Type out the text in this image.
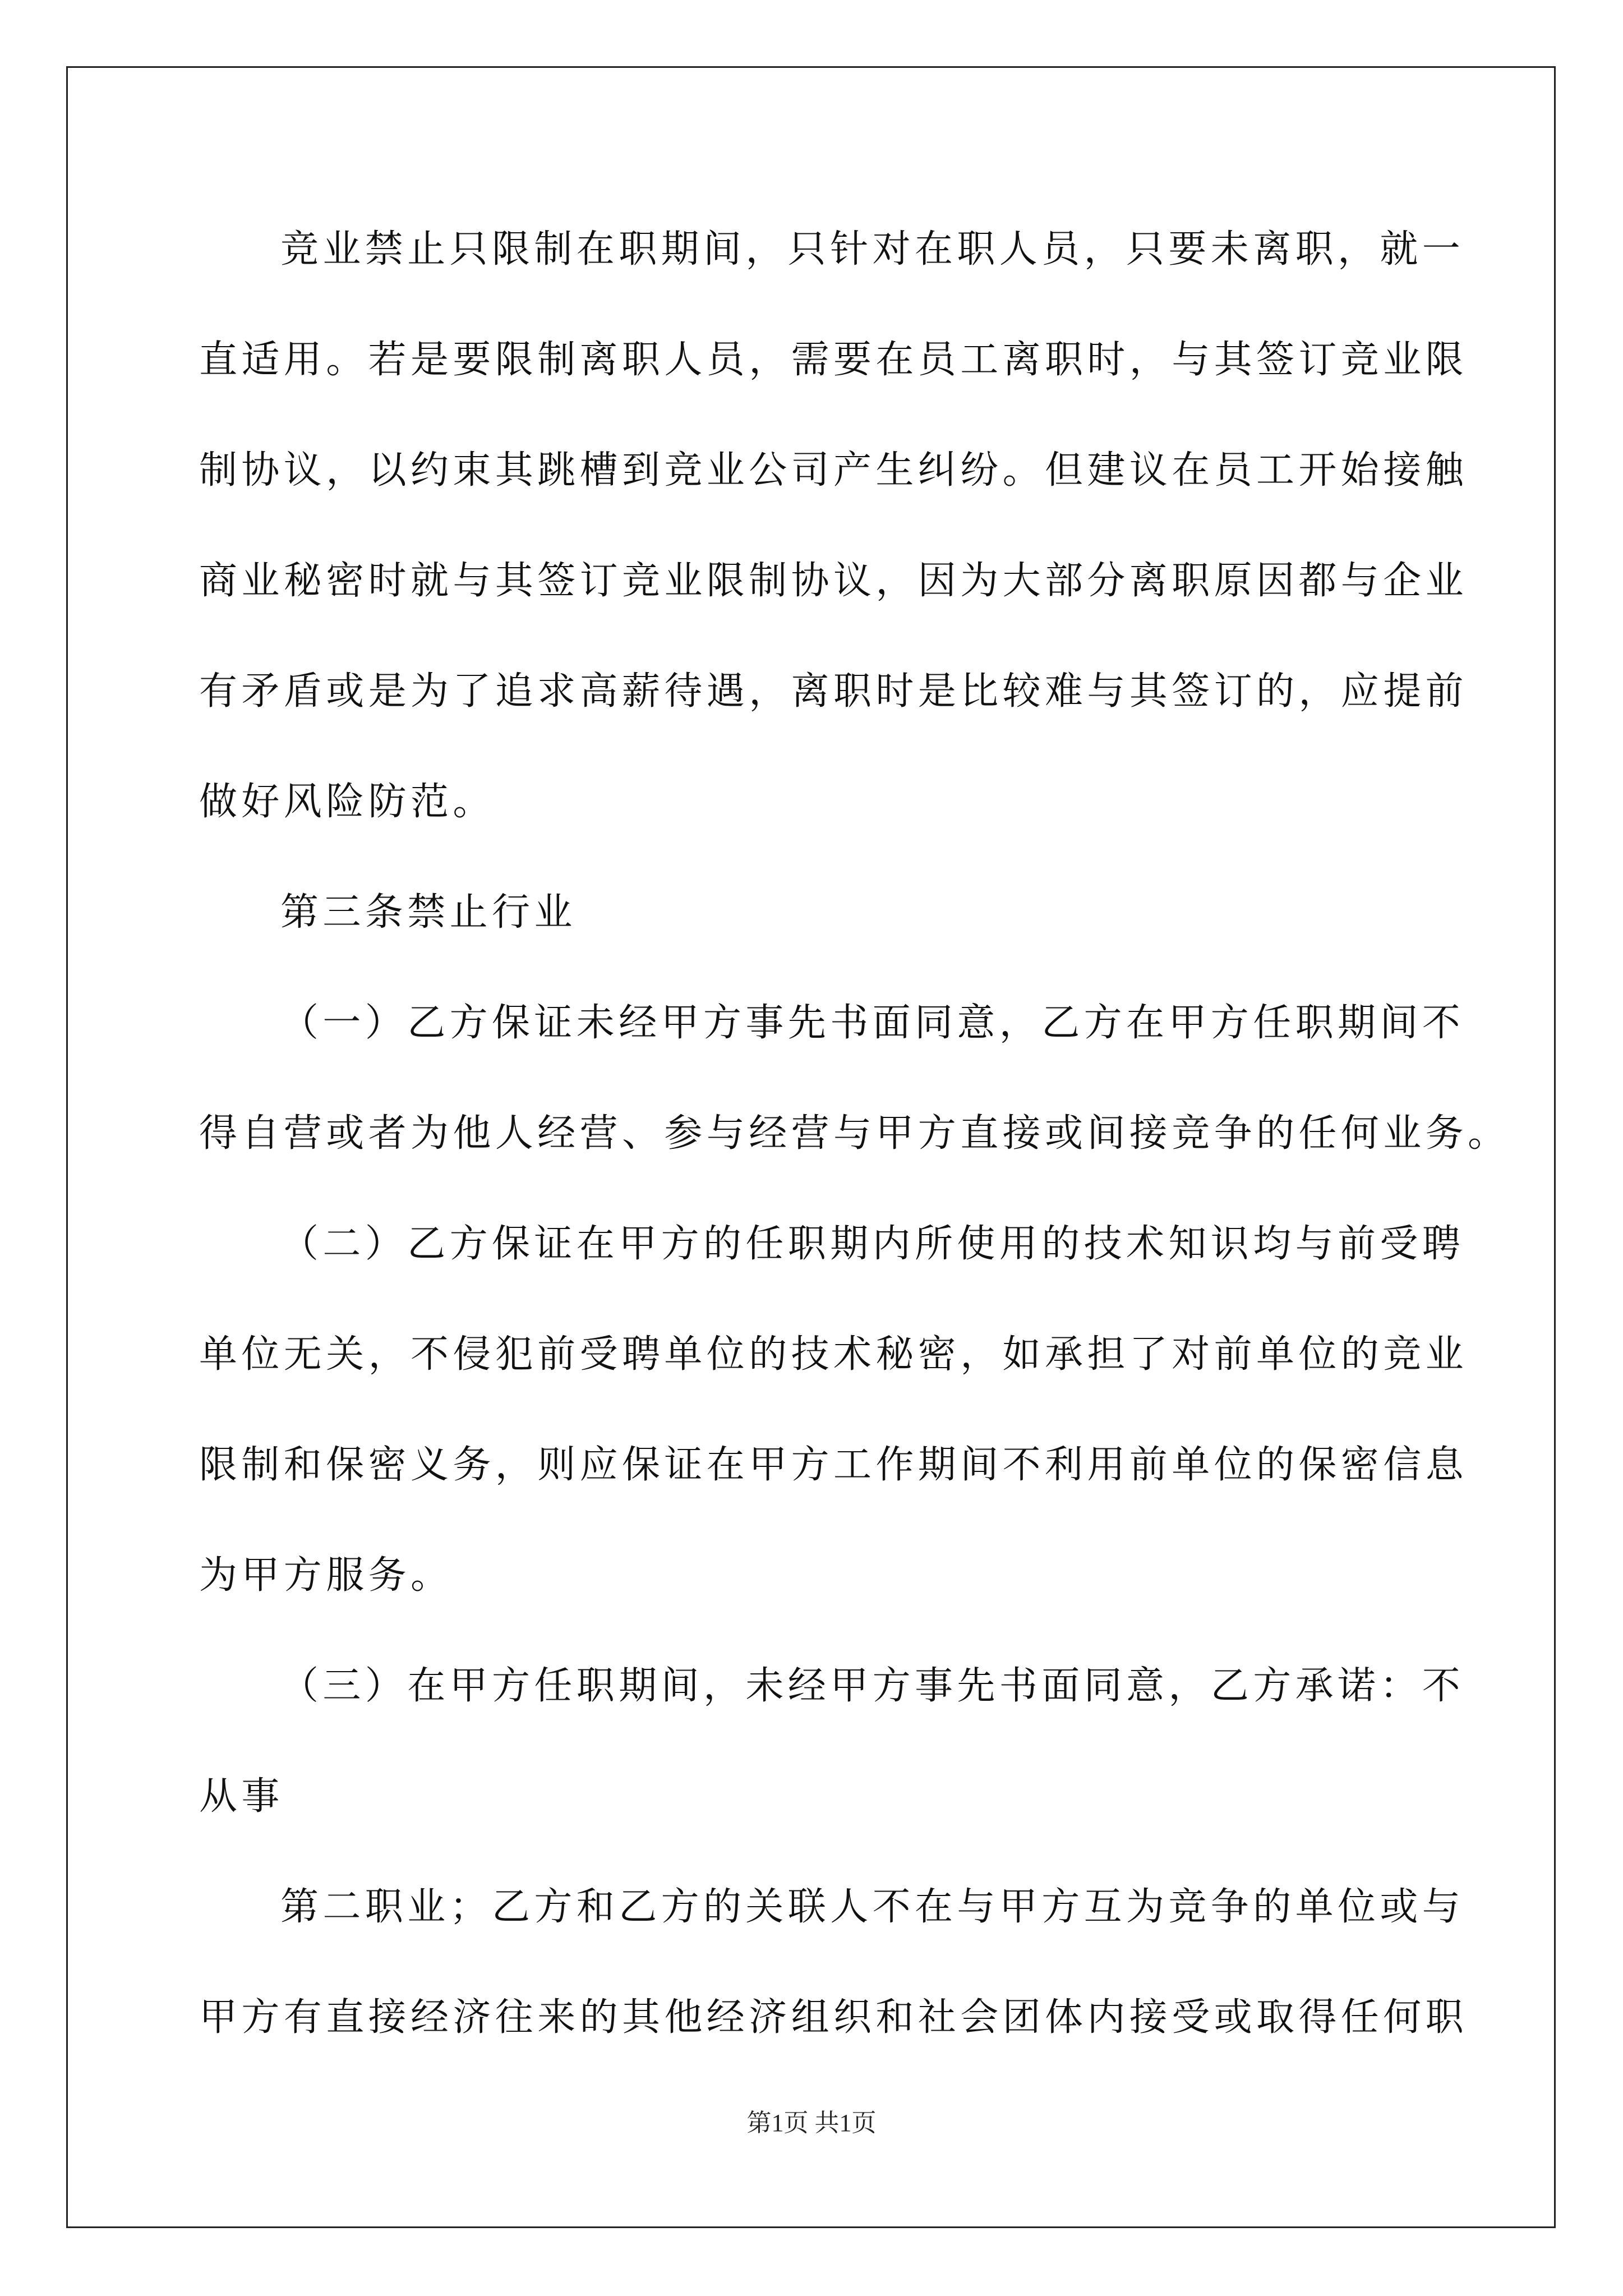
竞业禁止只限制在职期间，只针对在职人员，只要未离职，就一
直适用。若是要限制离职人员，需要在员工离职时，与其签订竞业限
制协议，以约束其跳槽到竞业公司产生纠纷。但建议在员工开始接触
商业秘密时就与其签订竞业限制协议，因为大部分离职原因都与企业
有矛盾或是为了追求高薪待遇，离职时是比较难与其签订的，应提前
做好风险防范。
第三条禁止行业
（一）乙方保证未经甲方事先书面同意，乙方在甲方任职期间不
得自营或者为他人经营、参与经营与甲方直接或间接竞争的任何业务。
（二）乙方保证在甲方的任职期内所使用的技术知识均与前受聘
单位无关，不侵犯前受聘单位的技术秘密，如承担了对前单位的竞业
限制和保密义务，则应保证在甲方工作期间不利用前单位的保密信息
为甲方服务。
（三）在甲方任职期间，未经甲方事先书面同意，乙方承诺：不
从事
第二职业；乙方和乙方的关联人不在与甲方互为竞争的单位或与
甲方有直接经济往来的其他经济组织和社会团体内接受或取得任何职
第1页 共1页
